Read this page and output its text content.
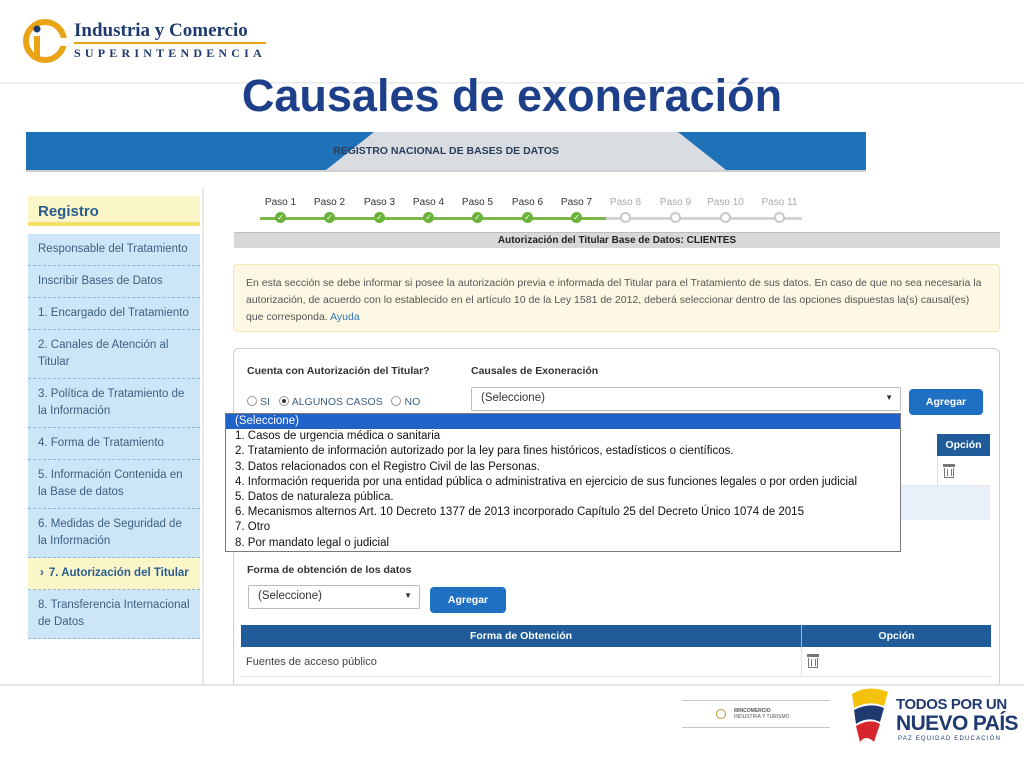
Industria y Comercio
SUPERINTENDENCIA
Causales de exoneración
REGISTRO NACIONAL DE BASES DE DATOS
Registro
Responsable del Tratamiento
Inscribir Bases de Datos
1. Encargado del Tratamiento
2. Canales de Atención al Titular
3. Política de Tratamiento de la Información
4. Forma de Tratamiento
5. Información Contenida en la Base de datos
6. Medidas de Seguridad de la Información
› 7. Autorización del Titular
8. Transferencia Internacional de Datos
Paso 1
✓
Paso 2
✓
Paso 3
✓
Paso 4
✓
Paso 5
✓
Paso 6
✓
Paso 7
✓
Paso 8	Paso 9	Paso 10	Paso 11
Autorización del Titular Base de Datos: CLIENTES
En esta sección se debe informar si posee la autorización previa e informada del Titular para el Tratamiento de sus datos. En caso de que no sea necesaria la autorización, de acuerdo con lo establecido en el artículo 10 de la Ley 1581 de 2012, deberá seleccionar dentro de las opciones dispuestas la(s) causal(es) que corresponda. Ayuda
Cuenta con Autorización del Titular?
SI ALGUNOS CASOS NO
Causales de Exoneración
(Seleccione)	▼	Agregar
Opción
Forma de obtención de los datos
(Seleccione)	▼	Agregar
Forma de Obtención	Opción
Fuentes de acceso público
(Seleccione)
1. Casos de urgencia médica o sanitaria
2. Tratamiento de información autorizado por la ley para fines históricos, estadísticos o científicos.
3. Datos relacionados con el Registro Civil de las Personas.
4. Información requerida por una entidad pública o administrativa en ejercicio de sus funciones legales o por orden judicial
5. Datos de naturaleza pública.
6. Mecanismos alternos Art. 10 Decreto 1377 de 2013 incorporado Capítulo 25 del Decreto Único 1074 de 2015
7. Otro
8. Por mandato legal o judicial
MINCOMERCIO
INDUSTRIA Y TURISMO
TODOS POR UN
NUEVO PAÍS
PAZ EQUIDAD EDUCACIÓN
